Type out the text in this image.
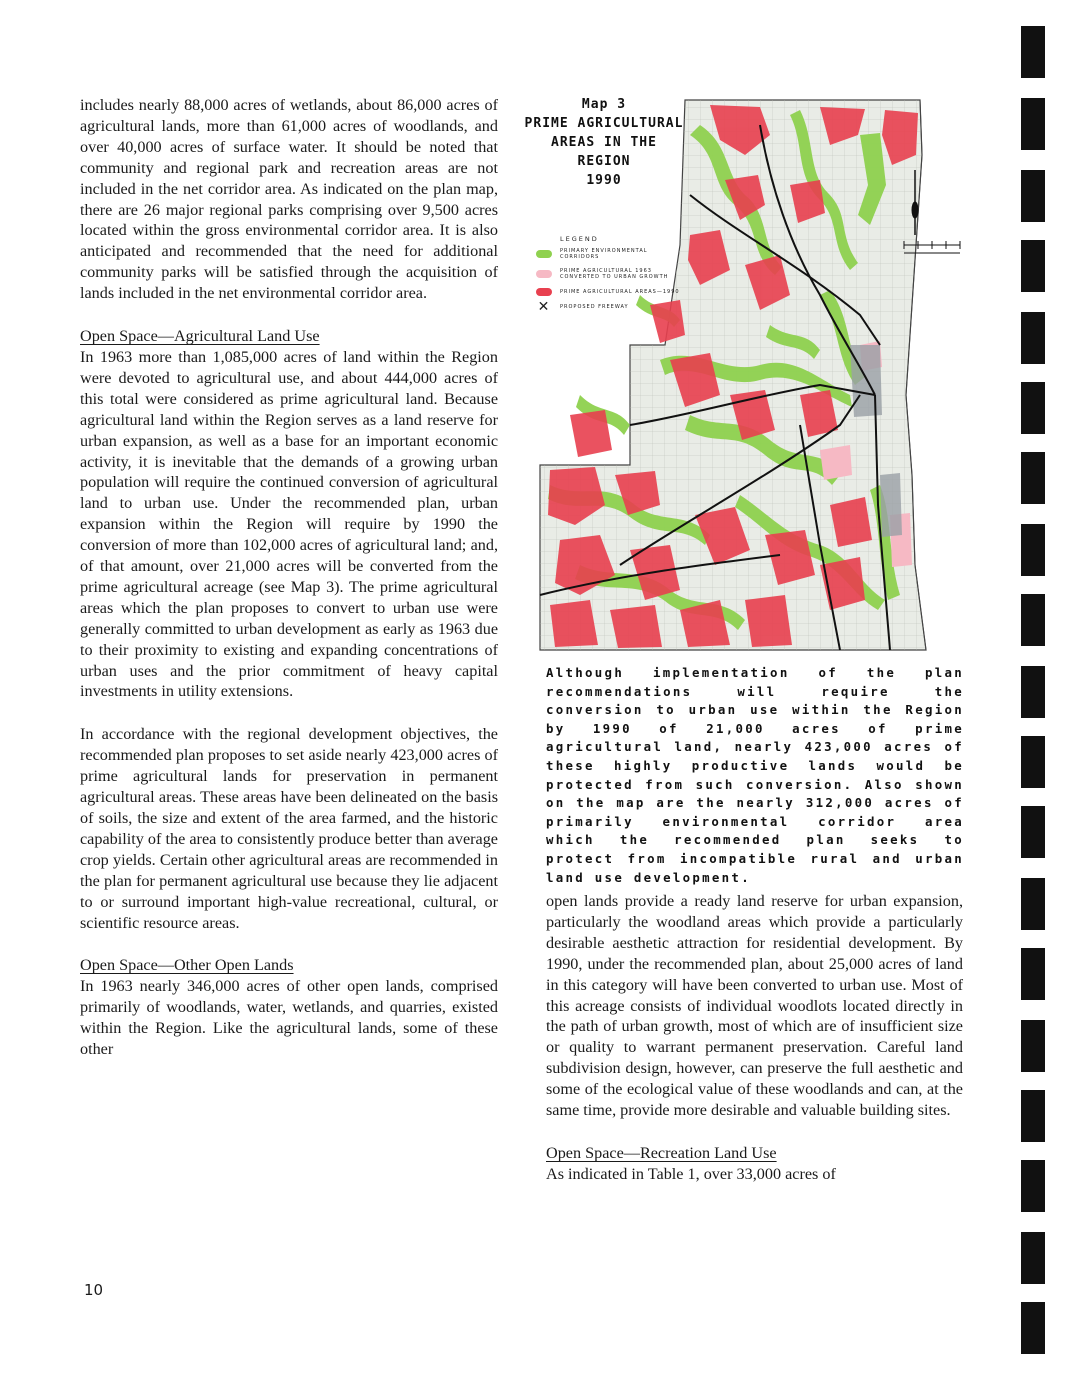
includes nearly 88,000 acres of wetlands, about 86,000 acres of agricultural lands, more than 61,000 acres of woodlands, and over 40,000 acres of surface water. It should be noted that community and regional park and recreation areas are not included in the net corridor area. As indicated on the plan map, there are 26 major regional parks comprising over 9,500 acres located within the gross environmental corridor area. It is also anticipated and recommended that the need for additional community parks will be satisfied through the acquisition of lands included in the net environmental corridor area.

Open Space—Agricultural Land Use

In 1963 more than 1,085,000 acres of land within the Region were devoted to agricultural use, and about 444,000 acres of this total were considered as prime agricultural land. Because agricultural land within the Region serves as a land reserve for urban expansion, as well as a base for an important economic activity, it is inevitable that the demands of a growing urban population will require the continued conversion of agricultural land to urban use. Under the recommended plan, urban expansion within the Region will require by 1990 the conversion of more than 102,000 acres of agricultural land; and, of that amount, over 21,000 acres will be converted from the prime agricultural acreage (see Map 3). The prime agricultural areas which the plan proposes to convert to urban use were generally committed to urban development as early as 1963 due to their proximity to existing and expanding concentrations of urban uses and the prior commitment of heavy capital investments in utility extensions.

In accordance with the regional development objectives, the recommended plan proposes to set aside nearly 423,000 acres of prime agricultural lands for preservation in permanent agricultural areas. These areas have been delineated on the basis of soils, the size and extent of the area farmed, and the historic capability of the area to consistently produce better than average crop yields. Certain other agricultural areas are recommended in the plan for permanent agricultural use because they lie adjacent to or surround important high-value recreational, cultural, or scientific resource areas.

Open Space—Other Open Lands

In 1963 nearly 346,000 acres of other open lands, comprised primarily of woodlands, water, wetlands, and quarries, existed within the Region. Like the agricultural lands, some of these other

Map 3
PRIME AGRICULTURAL
AREAS IN THE
REGION
1990
LEGEND
PRIMARY ENVIRONMENTAL CORRIDORS
PRIME AGRICULTURAL 1963 CONVERTED TO URBAN GROWTH
PRIME AGRICULTURAL AREAS—1990
✕	PROPOSED FREEWAY
Although implementation of the plan recommendations will require the conversion to urban use within the Region by 1990 of 21,000 acres of prime agricultural land, nearly 423,000 acres of these highly productive lands would be protected from such conversion. Also shown on the map are the nearly 312,000 acres of primarily environmental corridor area which the recommended plan seeks to protect from incompatible rural and urban land use development.

open lands provide a ready land reserve for urban expansion, particularly the woodland areas which provide a particularly desirable aesthetic attraction for residential development. By 1990, under the recommended plan, about 25,000 acres of land in this category will have been converted to urban use. Most of this acreage consists of individual woodlots located directly in the path of urban growth, most of which are of insufficient size or quality to warrant permanent preservation. Careful land subdivision design, however, can preserve the full aesthetic and some of the ecological value of these woodlands and can, at the same time, provide more desirable and valuable building sites.

Open Space—Recreation Land Use

As indicated in Table 1, over 33,000 acres of

10
